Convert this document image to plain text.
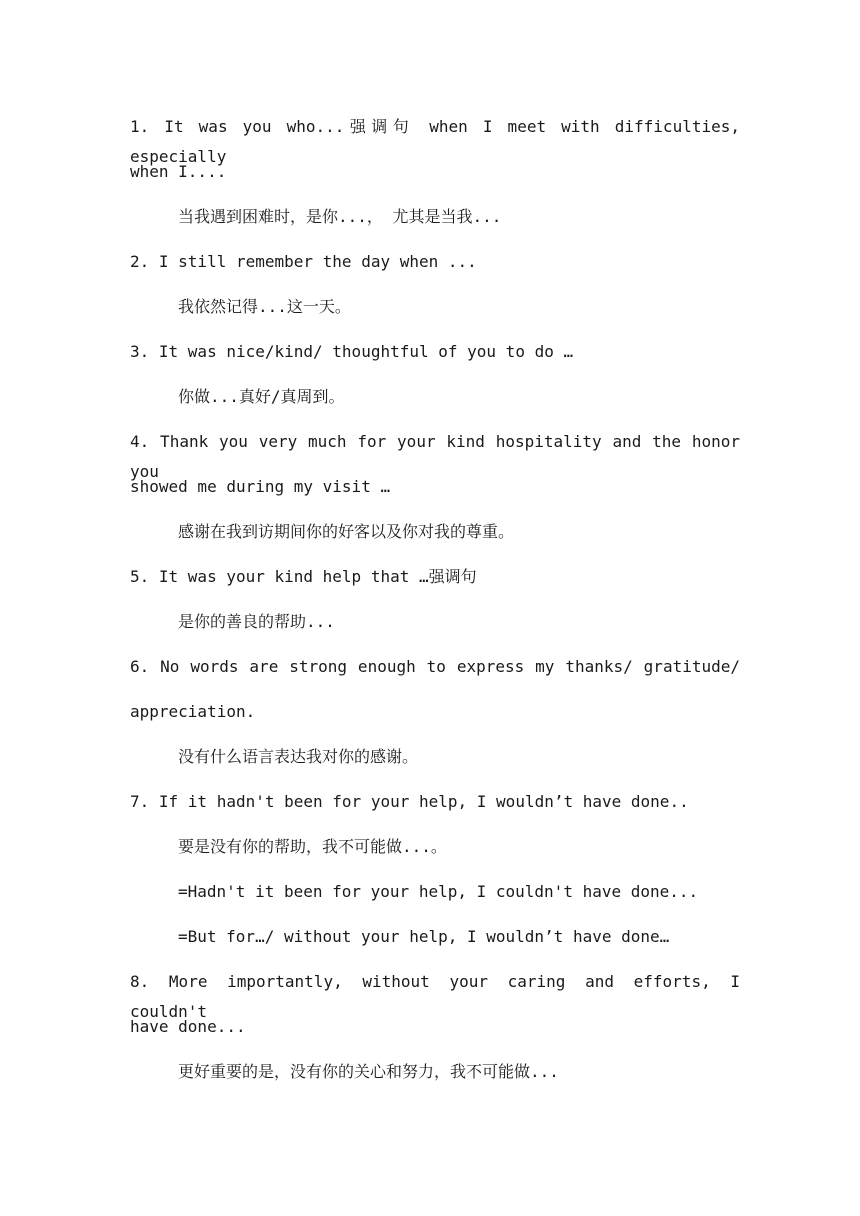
1. It was you who...强调句 when I meet with difficulties, especially
when I....
当我遇到困难时，是你...， 尤其是当我...
2. I still remember the day when ...
我依然记得...这一天。
3. It was nice/kind/ thoughtful of you to do …
你做...真好/真周到。
4. Thank you very much for your kind hospitality and the honor you
showed me during my visit …
感谢在我到访期间你的好客以及你对我的尊重。
5. It was your kind help that …强调句
是你的善良的帮助...
6. No words are strong enough to express my thanks/ gratitude/
appreciation.
没有什么语言表达我对你的感谢。
7. If it hadn't been for your help, I wouldn’t have done..
要是没有你的帮助，我不可能做...。
=Hadn't it been for your help, I couldn't have done...
=But for…/ without your help, I wouldn’t have done…
8. More importantly, without your caring and efforts, I couldn't
have done...
更好重要的是，没有你的关心和努力，我不可能做...
